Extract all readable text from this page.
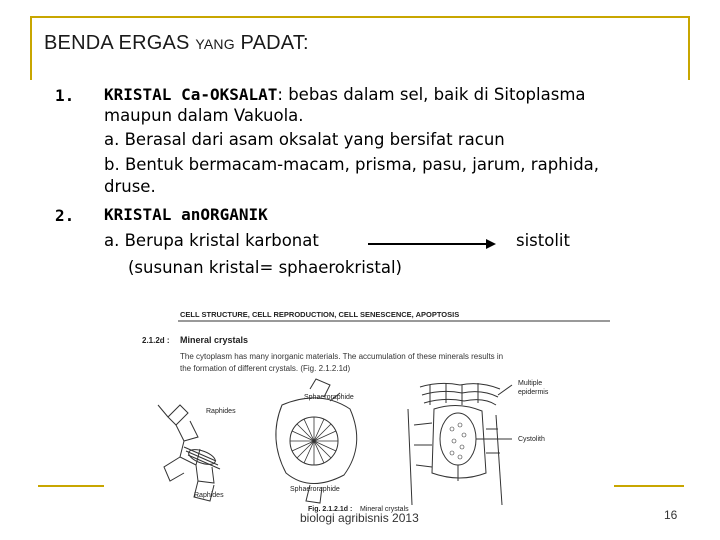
BENDA ERGAS YANG PADAT:
1. KRISTAL Ca-OKSALAT: bebas dalam sel, baik di Sitoplasma
maupun dalam Vakuola.
a. Berasal dari asam oksalat yang bersifat racun
b. Bentuk bermacam-macam, prisma, pasu, jarum, raphida,
druse.
2. KRISTAL anORGANIK
a. Berupa kristal karbonat	sistolit
(susunan kristal= sphaerokristal)
CELL STRUCTURE, CELL REPRODUCTION, CELL SENESCENCE, APOPTOSIS
2.1.2d : Mineral crystals
The cytoplasm has many inorganic materials. The accumulation of these minerals results in
the formation of different crystals. (Fig. 2.1.2.1d)
Raphides
Raphides
Sphaeroraphide
Sphaeroraphide
Multiple
epidermis
Cystolith
Fig. 2.1.2.1d : Mineral crystals
biologi agribisnis 2013	16
